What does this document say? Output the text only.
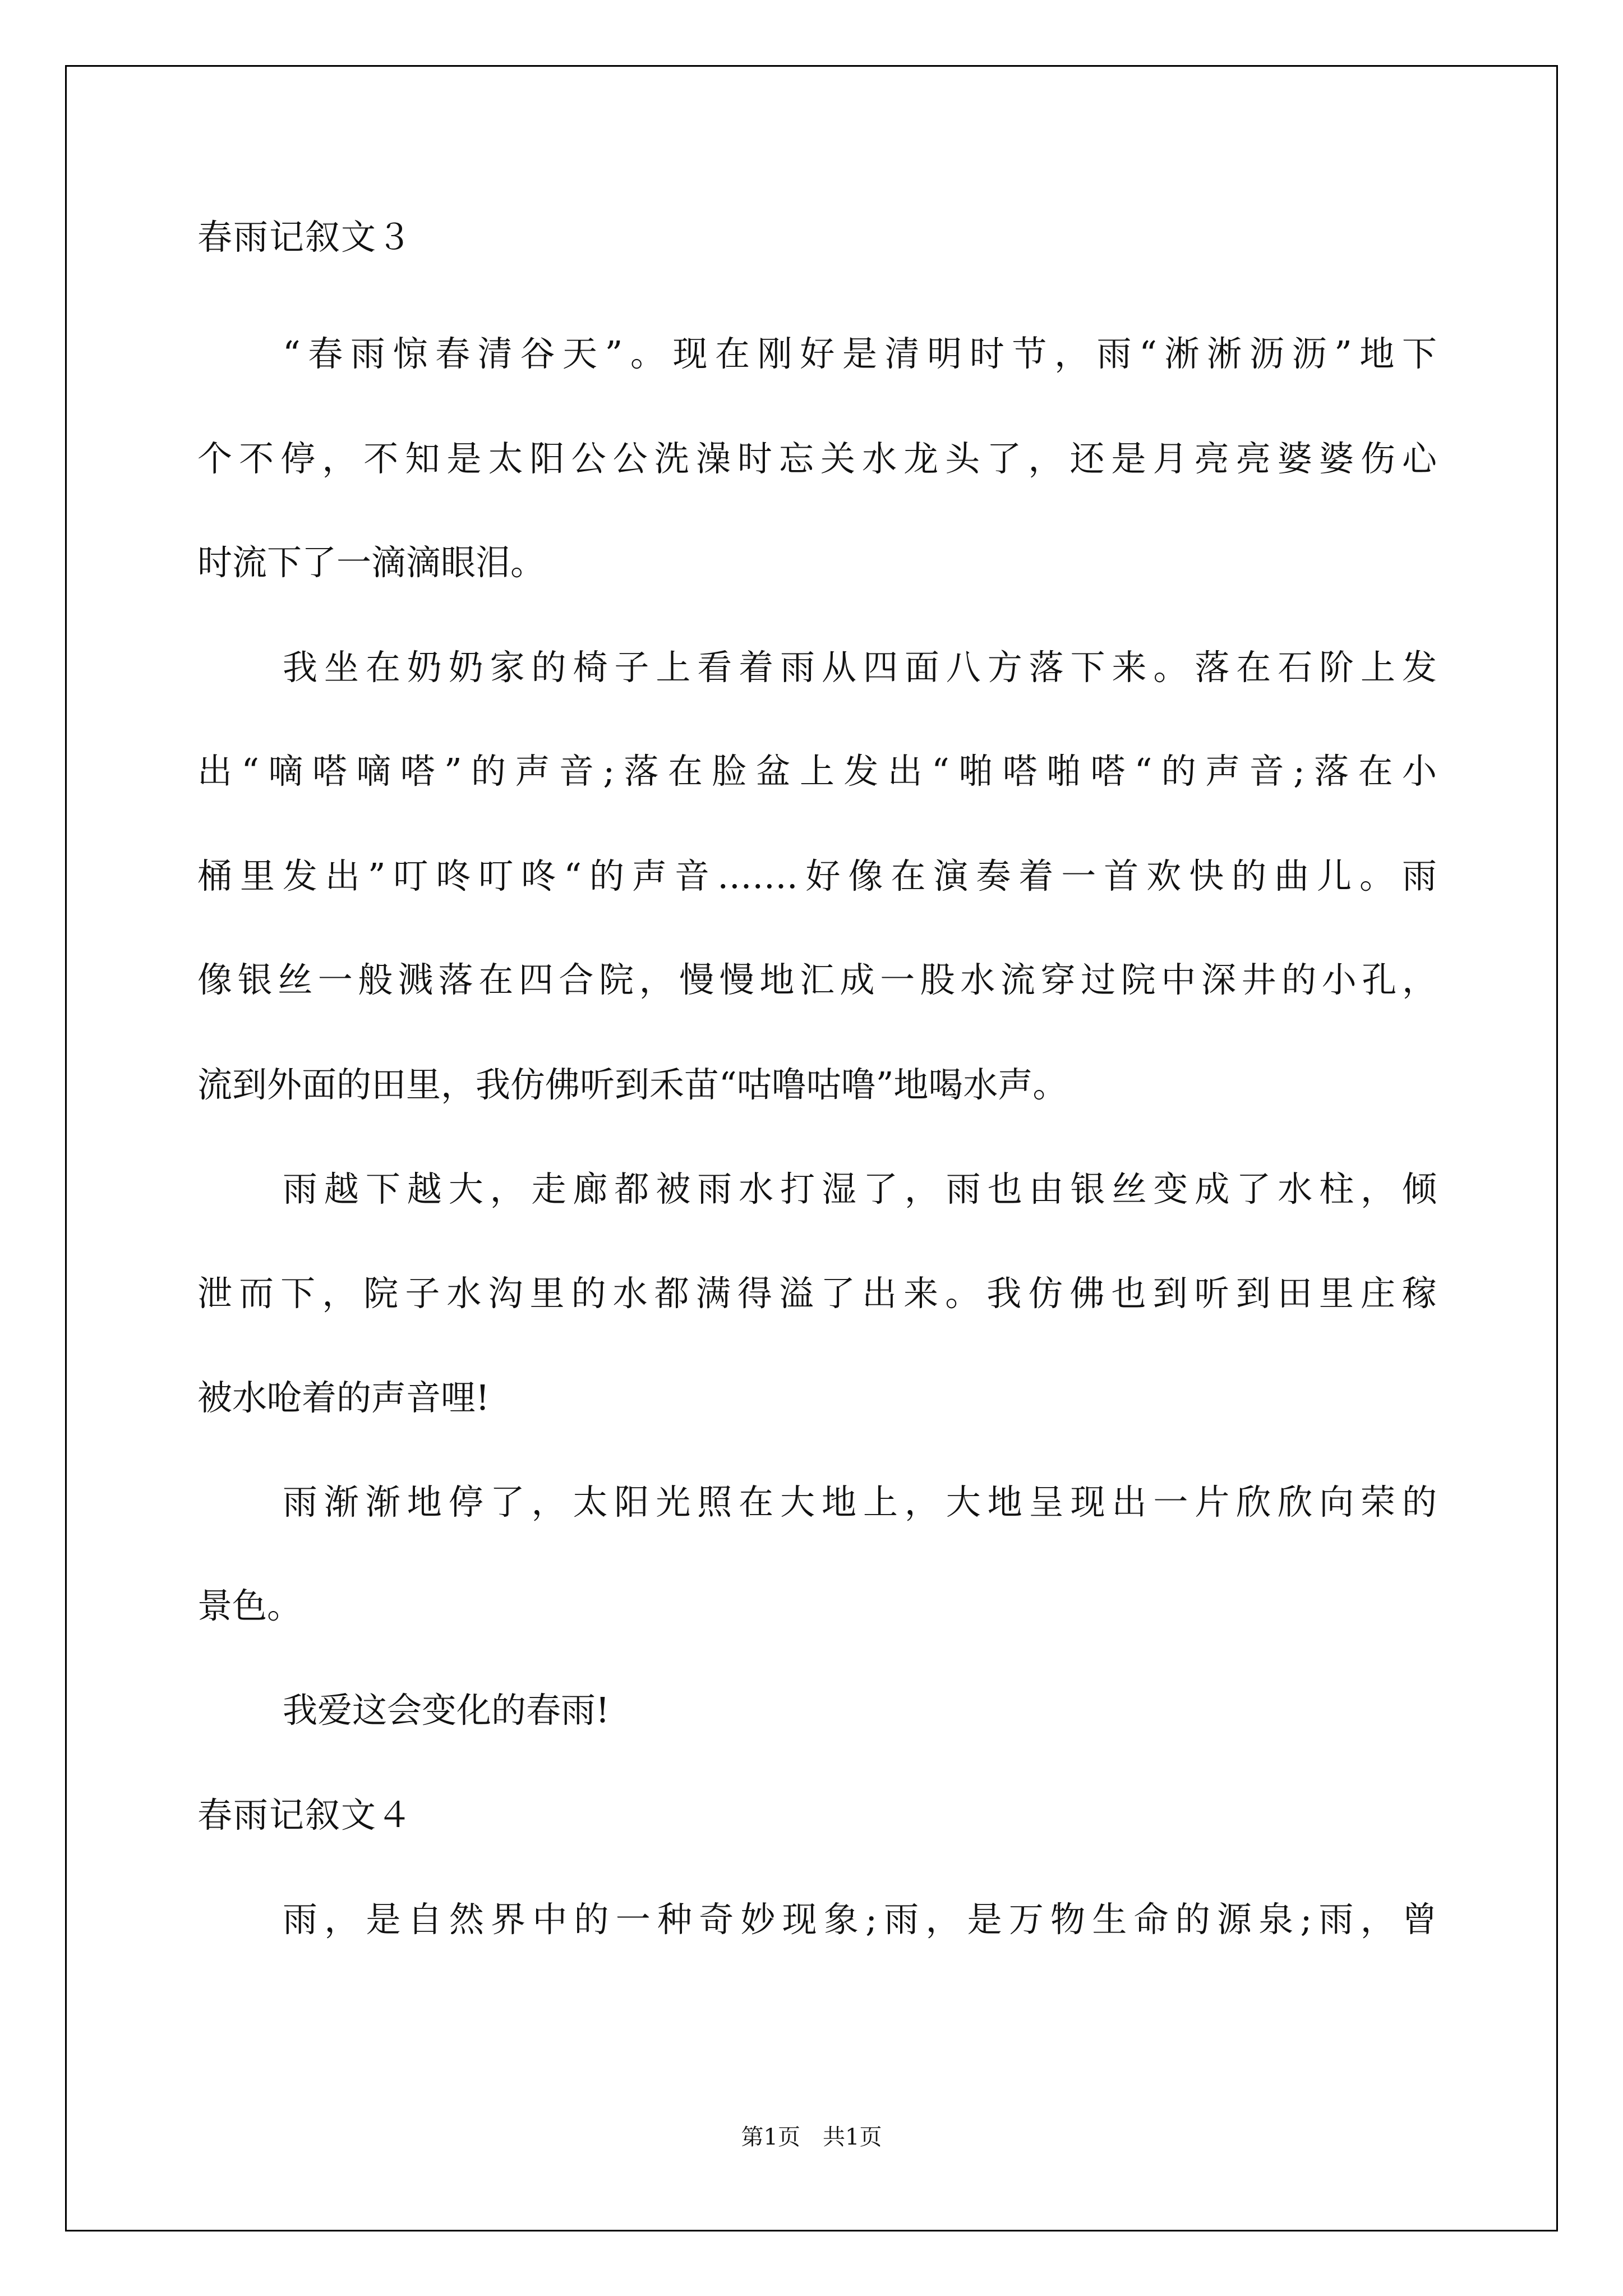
春雨记叙文３
“春雨惊春清谷天”。现在刚好是清明时节，雨“淅淅沥沥”地下
个不停，不知是太阳公公洗澡时忘关水龙头了，还是月亮亮婆婆伤心
时流下了一滴滴眼泪。
我坐在奶奶家的椅子上看着雨从四面八方落下来。落在石阶上发
出“嘀嗒嘀嗒”的声音;落在脸盆上发出“啪嗒啪嗒“的声音;落在小
桶里发出”叮咚叮咚“的声音…….好像在演奏着一首欢快的曲儿。雨
像银丝一般溅落在四合院，慢慢地汇成一股水流穿过院中深井的小孔，
流到外面的田里，我仿佛听到禾苗“咕噜咕噜”地喝水声。
雨越下越大，走廊都被雨水打湿了，雨也由银丝变成了水柱，倾
泄而下，院子水沟里的水都满得溢了出来。我仿佛也到听到田里庄稼
被水呛着的声音哩!
雨渐渐地停了，太阳光照在大地上，大地呈现出一片欣欣向荣的
景色。
我爱这会变化的春雨!
春雨记叙文４
雨，是自然界中的一种奇妙现象;雨，是万物生命的源泉;雨，曾
第1页　共1页
